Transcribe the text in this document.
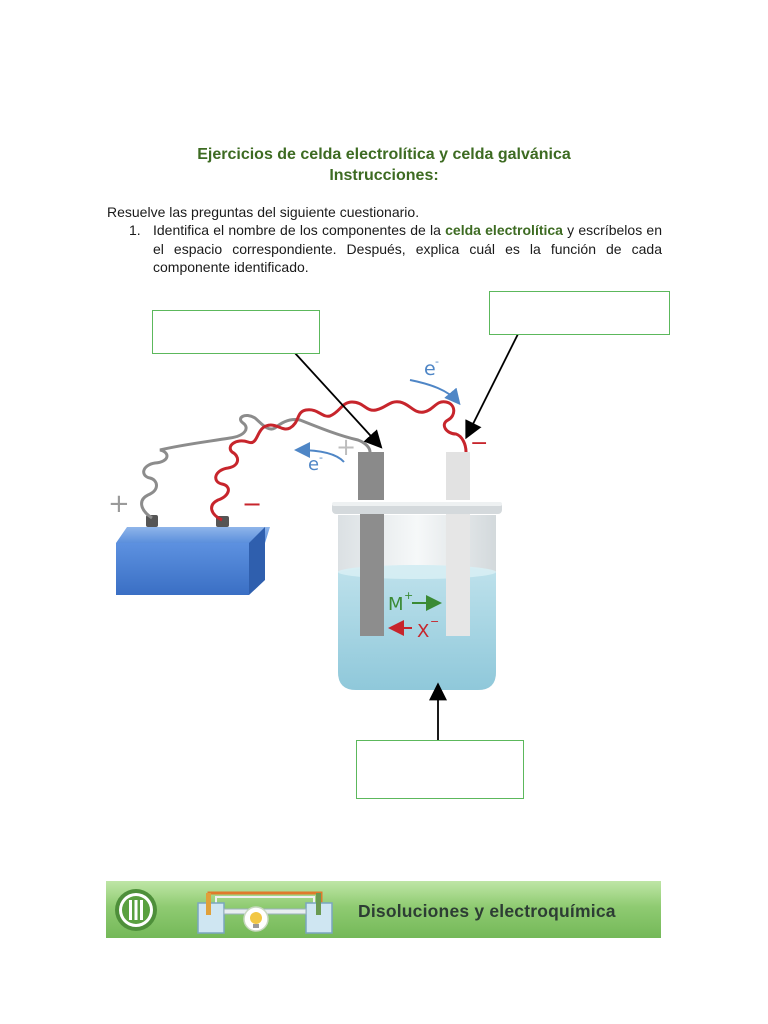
Ejercicios de celda electrolítica y celda galvánica
Instrucciones:
Resuelve las preguntas del siguiente cuestionario.
1. Identifica el nombre de los componentes de la celda electrolítica y escríbelos en el espacio correspondiente. Después, explica cuál es la función de cada componente identificado.
+	−
−
+
e -
e -
M +
X −
Disoluciones y electroquímica
